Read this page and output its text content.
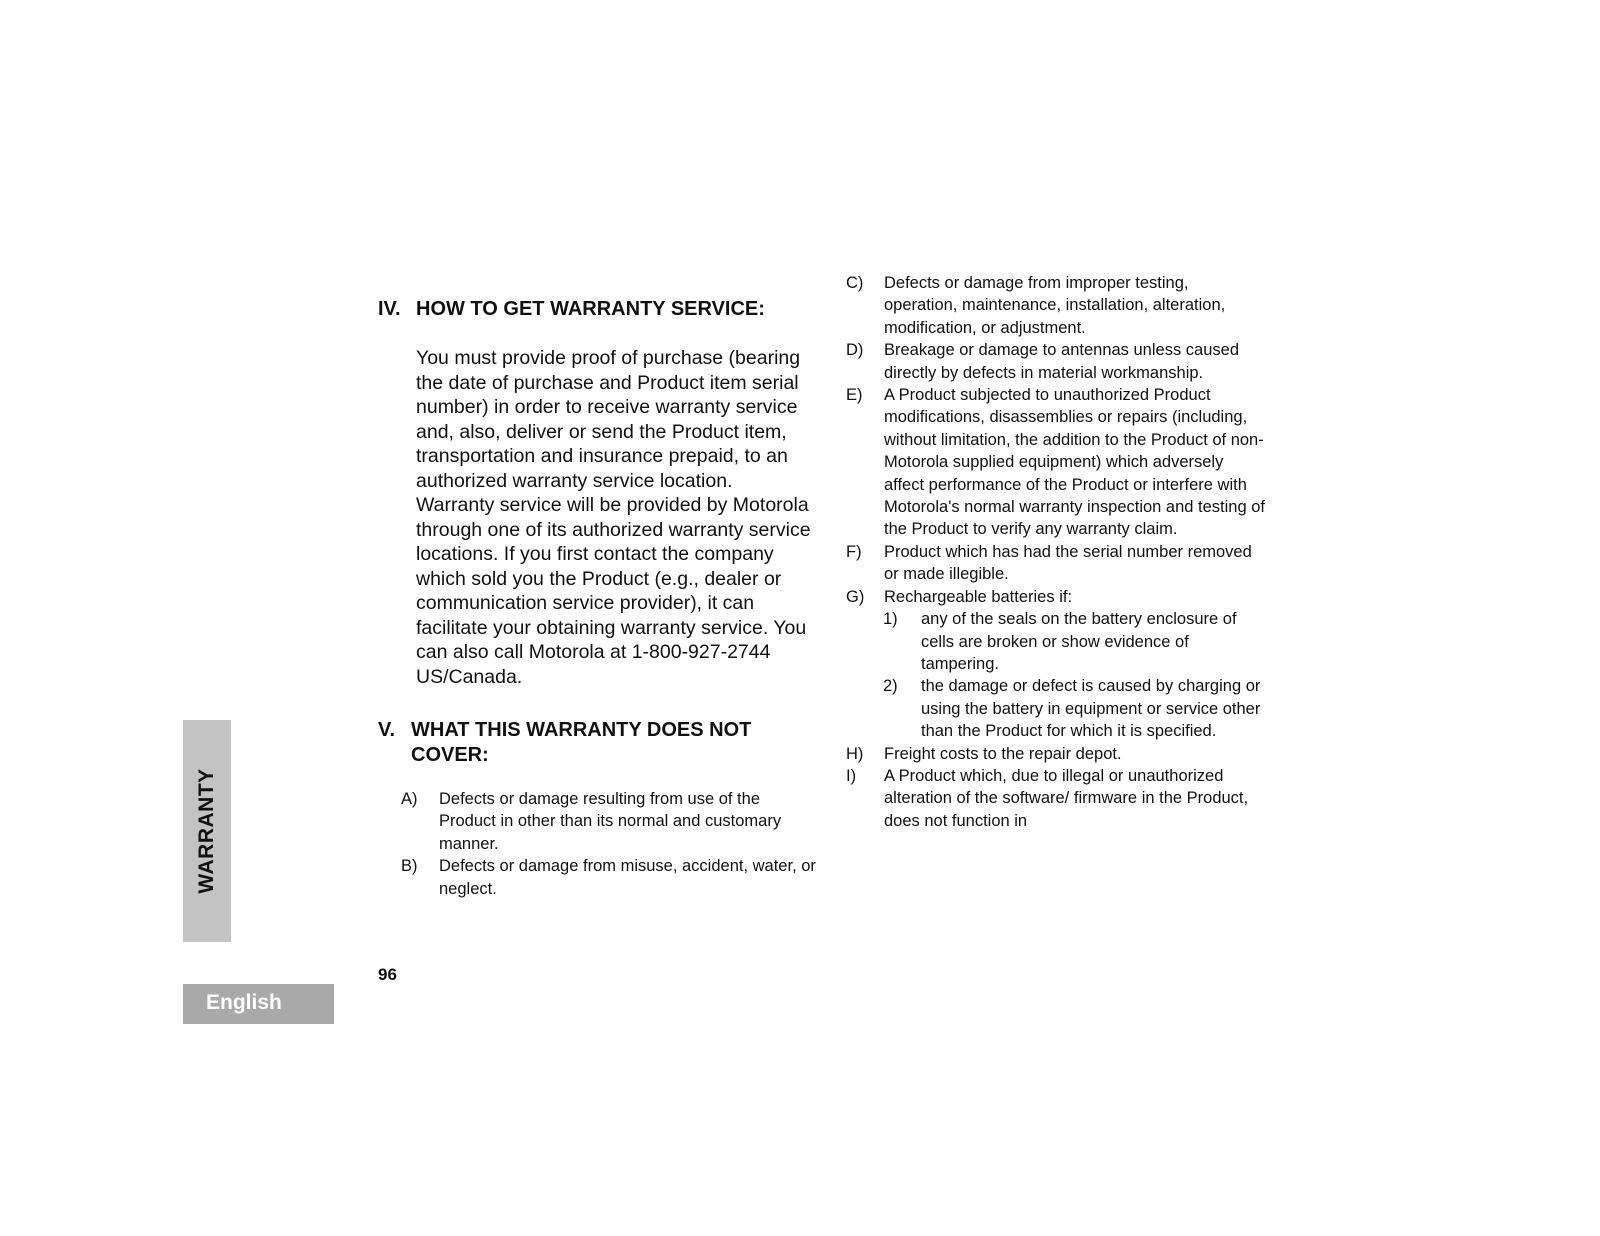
WARRANTY
English
96
IV. HOW TO GET WARRANTY SERVICE:
You must provide proof of purchase (bearing the date of purchase and Product item serial number) in order to receive warranty service and, also, deliver or send the Product item, transportation and insurance prepaid, to an authorized warranty service location. Warranty service will be provided by Motorola through one of its authorized warranty service locations. If you first contact the company which sold you the Product (e.g., dealer or communication service provider), it can facilitate your obtaining warranty service. You can also call Motorola at 1-800-927-2744 US/Canada.
V. WHAT THIS WARRANTY DOES NOT COVER:
A) Defects or damage resulting from use of the Product in other than its normal and customary manner.
B) Defects or damage from misuse, accident, water, or neglect.
C) Defects or damage from improper testing, operation, maintenance, installation, alteration, modification, or adjustment.
D) Breakage or damage to antennas unless caused directly by defects in material workmanship.
E) A Product subjected to unauthorized Product modifications, disassemblies or repairs (including, without limitation, the addition to the Product of non-Motorola supplied equipment) which adversely affect performance of the Product or interfere with Motorola's normal warranty inspection and testing of the Product to verify any warranty claim.
F) Product which has had the serial number removed or made illegible.
G) Rechargeable batteries if:
1) any of the seals on the battery enclosure of cells are broken or show evidence of tampering.
2) the damage or defect is caused by charging or using the battery in equipment or service other than the Product for which it is specified.
H) Freight costs to the repair depot.
I) A Product which, due to illegal or unauthorized alteration of the software/ firmware in the Product, does not function in
